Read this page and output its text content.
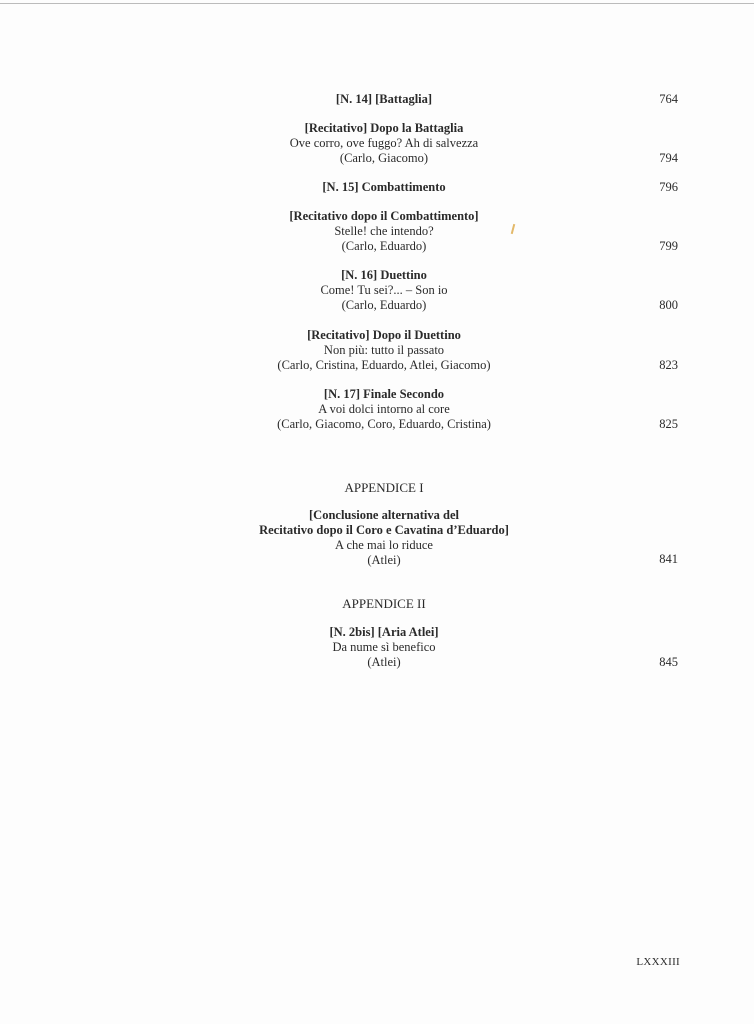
[N. 14] [Battaglia]	764
[Recitativo] Dopo la Battaglia
Ove corro, ove fuggo? Ah di salvezza
(Carlo, Giacomo)	794
[N. 15] Combattimento	796
[Recitativo dopo il Combattimento]
Stelle! che intendo?
(Carlo, Eduardo)	799
[N. 16] Duettino
Come! Tu sei?... – Son io
(Carlo, Eduardo)	800
[Recitativo] Dopo il Duettino
Non più: tutto il passato
(Carlo, Cristina, Eduardo, Atlei, Giacomo)	823
[N. 17] Finale Secondo
A voi dolci intorno al core
(Carlo, Giacomo, Coro, Eduardo, Cristina)	825
APPENDICE I
[Conclusione alternativa del
Recitativo dopo il Coro e Cavatina d’Eduardo]
A che mai lo riduce
(Atlei)	841
APPENDICE II
[N. 2bis] [Aria Atlei]
Da nume sì benefico
(Atlei)	845
LXXXIII
